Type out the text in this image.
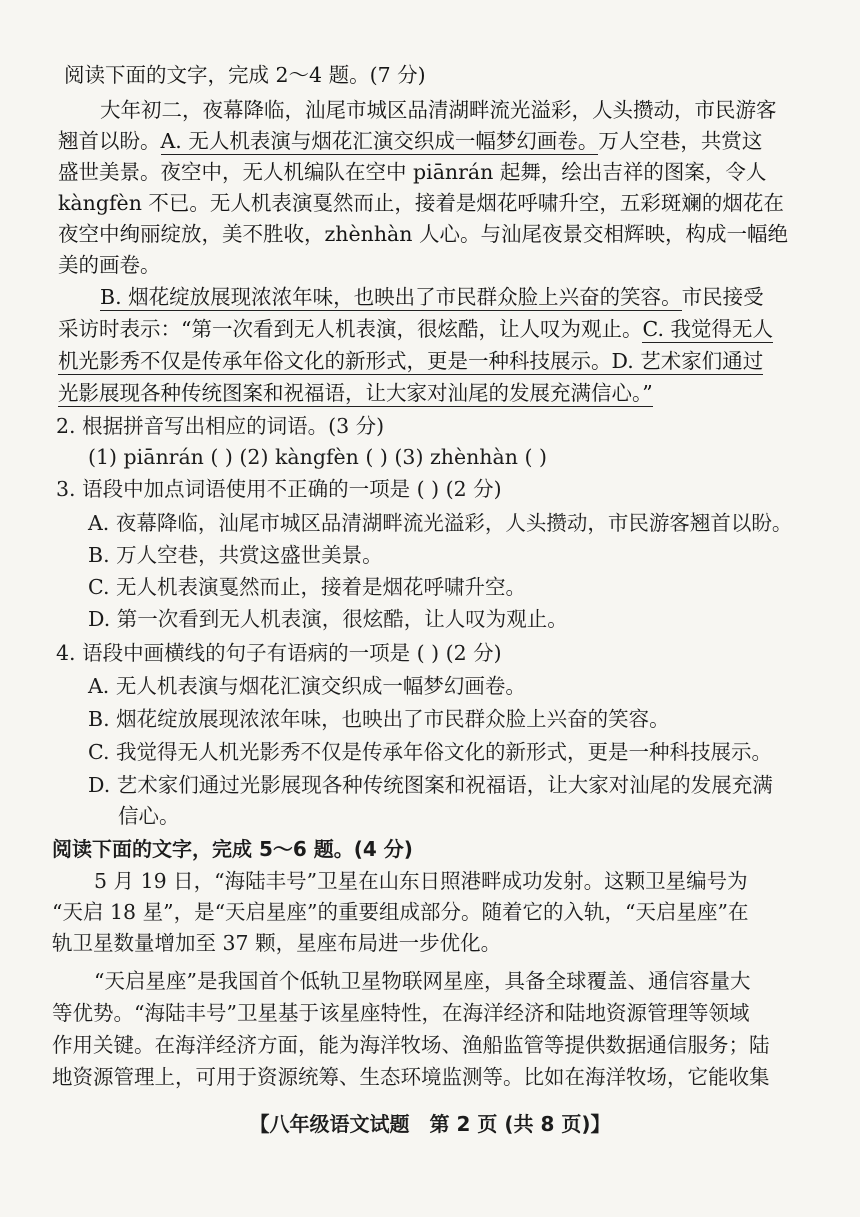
阅读下面的文字，完成 2～4 题。(7 分)
大年初二，夜幕降临，汕尾市城区品清湖畔流光溢彩，人头攒动，市民游客
翘首以盼。A. 无人机表演与烟花汇演交织成一幅梦幻画卷。万人空巷，共赏这
盛世美景。夜空中，无人机编队在空中 piānrán 起舞，绘出吉祥的图案，令人
kàngfèn 不已。无人机表演戛然而止，接着是烟花呼啸升空，五彩斑斓的烟花在
夜空中绚丽绽放，美不胜收，zhènhàn 人心。与汕尾夜景交相辉映，构成一幅绝
美的画卷。
B. 烟花绽放展现浓浓年味，也映出了市民群众脸上兴奋的笑容。市民接受
采访时表示：“第一次看到无人机表演，很炫酷，让人叹为观止。C. 我觉得无人
机光影秀不仅是传承年俗文化的新形式，更是一种科技展示。D. 艺术家们通过
光影展现各种传统图案和祝福语，让大家对汕尾的发展充满信心。”
2. 根据拼音写出相应的词语。(3 分)
(1) piānrán ( ) (2) kàngfèn ( ) (3) zhènhàn ( )
3. 语段中加点词语使用不正确的一项是 ( ) (2 分)
A. 夜幕降临，汕尾市城区品清湖畔流光溢彩，人头攒动，市民游客翘首以盼。
B. 万人空巷，共赏这盛世美景。
C. 无人机表演戛然而止，接着是烟花呼啸升空。
D. 第一次看到无人机表演，很炫酷，让人叹为观止。
4. 语段中画横线的句子有语病的一项是 ( ) (2 分)
A. 无人机表演与烟花汇演交织成一幅梦幻画卷。
B. 烟花绽放展现浓浓年味，也映出了市民群众脸上兴奋的笑容。
C. 我觉得无人机光影秀不仅是传承年俗文化的新形式，更是一种科技展示。
D. 艺术家们通过光影展现各种传统图案和祝福语，让大家对汕尾的发展充满
信心。
阅读下面的文字，完成 5～6 题。(4 分)
5 月 19 日，“海陆丰号”卫星在山东日照港畔成功发射。这颗卫星编号为
“天启 18 星”，是“天启星座”的重要组成部分。随着它的入轨，“天启星座”在
轨卫星数量增加至 37 颗，星座布局进一步优化。
“天启星座”是我国首个低轨卫星物联网星座，具备全球覆盖、通信容量大
等优势。“海陆丰号”卫星基于该星座特性，在海洋经济和陆地资源管理等领域
作用关键。在海洋经济方面，能为海洋牧场、渔船监管等提供数据通信服务；陆
地资源管理上，可用于资源统筹、生态环境监测等。比如在海洋牧场，它能收集
【八年级语文试题　第 2 页 (共 8 页)】
